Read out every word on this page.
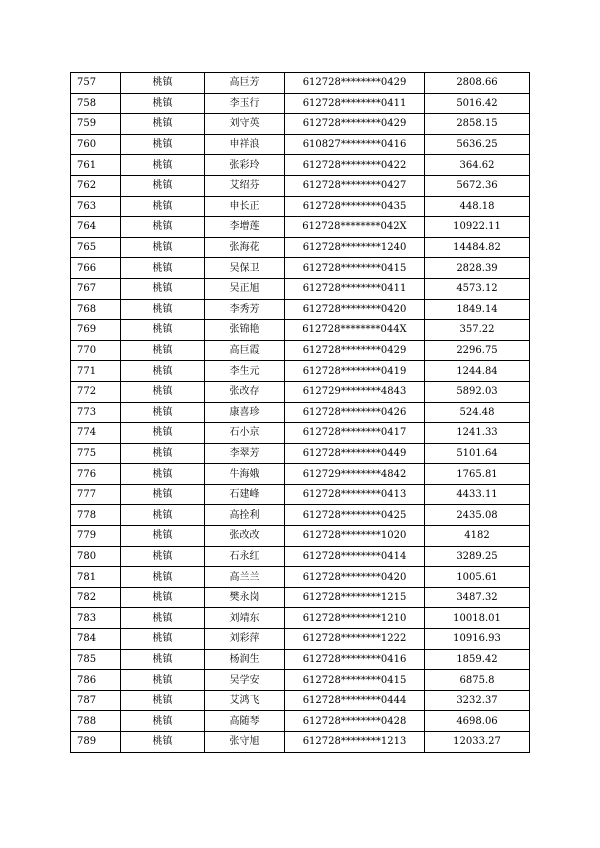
757	桃镇	高巨芳	612728********0429	2808.66
758	桃镇	李玉行	612728********0411	5016.42
759	桃镇	刘守英	612728********0429	2858.15
760	桃镇	申祥浪	610827********0416	5636.25
761	桃镇	张彩玲	612728********0422	364.62
762	桃镇	艾绍芬	612728********0427	5672.36
763	桃镇	申长正	612728********0435	448.18
764	桃镇	李增莲	612728********042X	10922.11
765	桃镇	张海花	612728********1240	14484.82
766	桃镇	吴保卫	612728********0415	2828.39
767	桃镇	吴正旭	612728********0411	4573.12
768	桃镇	李秀芳	612728********0420	1849.14
769	桃镇	张锦艳	612728********044X	357.22
770	桃镇	高巨霞	612728********0429	2296.75
771	桃镇	李生元	612728********0419	1244.84
772	桃镇	张改存	612729********4843	5892.03
773	桃镇	康喜珍	612728********0426	524.48
774	桃镇	石小京	612728********0417	1241.33
775	桃镇	李翠芳	612728********0449	5101.64
776	桃镇	牛海娥	612729********4842	1765.81
777	桃镇	石建峰	612728********0413	4433.11
778	桃镇	高拴利	612728********0425	2435.08
779	桃镇	张改改	612728********1020	4182
780	桃镇	石永红	612728********0414	3289.25
781	桃镇	高兰兰	612728********0420	1005.61
782	桃镇	樊永岗	612728********1215	3487.32
783	桃镇	刘靖东	612728********1210	10018.01
784	桃镇	刘彩萍	612728********1222	10916.93
785	桃镇	杨润生	612728********0416	1859.42
786	桃镇	吴学安	612728********0415	6875.8
787	桃镇	艾鸿飞	612728********0444	3232.37
788	桃镇	高随琴	612728********0428	4698.06
789	桃镇	张守旭	612728********1213	12033.27
